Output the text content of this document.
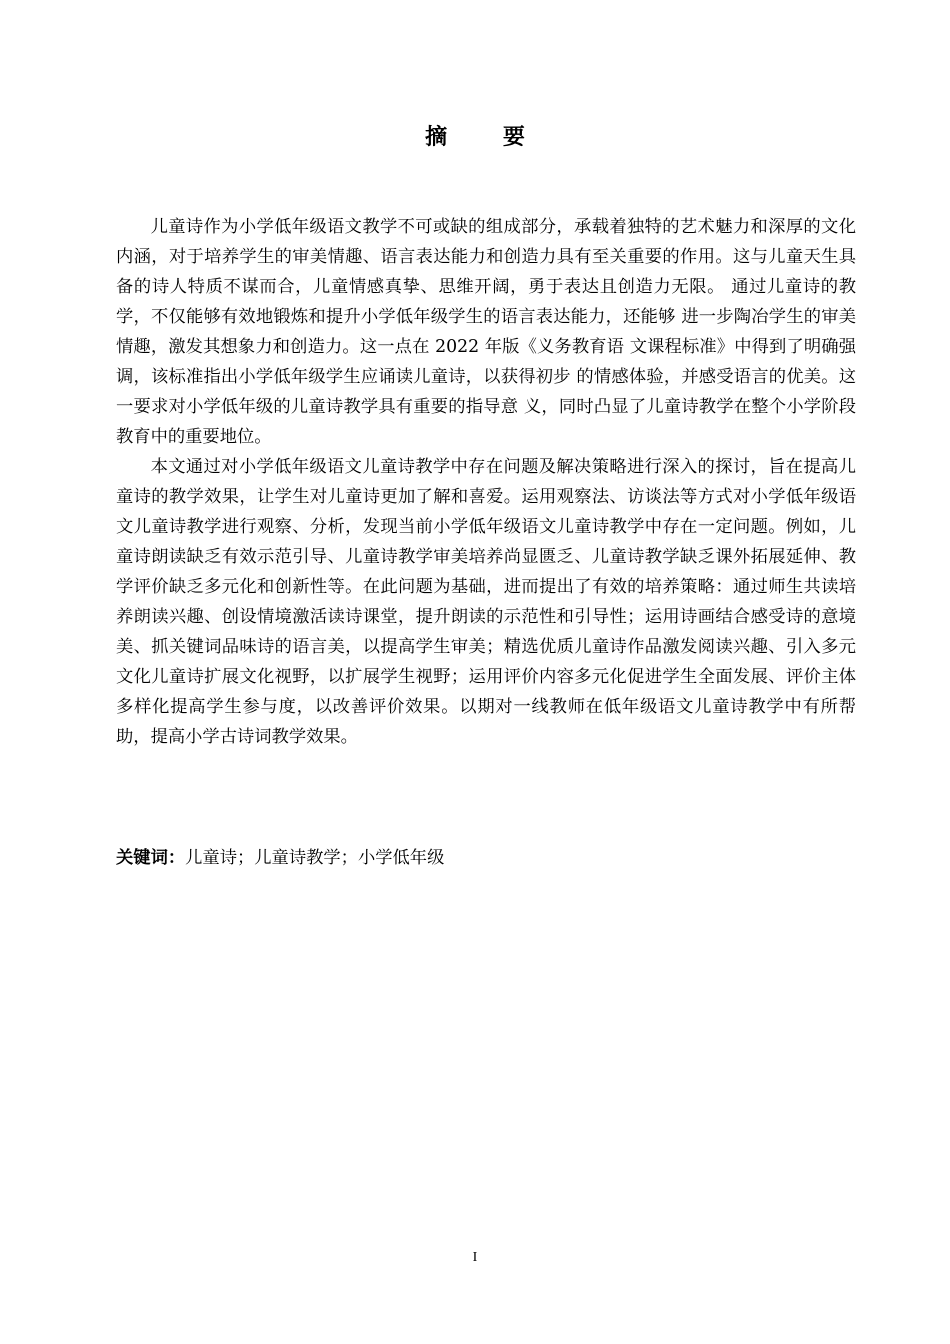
摘 要

儿童诗作为小学低年级语文教学不可或缺的组成部分，承载着独特的艺术魅力和深厚的文化内涵，对于培养学生的审美情趣、语言表达能力和创造力具有至关重要的作用。这与儿童天生具备的诗人特质不谋而合，儿童情感真挚、思维开阔，勇于表达且创造力无限。 通过儿童诗的教学，不仅能够有效地锻炼和提升小学低年级学生的语言表达能力，还能够 进一步陶冶学生的审美情趣，激发其想象力和创造力。这一点在 2022 年版《义务教育语 文课程标准》中得到了明确强调，该标准指出小学低年级学生应诵读儿童诗，以获得初步 的情感体验，并感受语言的优美。这一要求对小学低年级的儿童诗教学具有重要的指导意 义，同时凸显了儿童诗教学在整个小学阶段教育中的重要地位。

本文通过对小学低年级语文儿童诗教学中存在问题及解决策略进行深入的探讨，旨在提高儿童诗的教学效果，让学生对儿童诗更加了解和喜爱。运用观察法、访谈法等方式对小学低年级语文儿童诗教学进行观察、分析，发现当前小学低年级语文儿童诗教学中存在一定问题。例如，儿童诗朗读缺乏有效示范引导、儿童诗教学审美培养尚显匮乏、儿童诗教学缺乏课外拓展延伸、教学评价缺乏多元化和创新性等。在此问题为基础，进而提出了有效的培养策略：通过师生共读培养朗读兴趣、创设情境激活读诗课堂，提升朗读的示范性和引导性；运用诗画结合感受诗的意境美、抓关键词品味诗的语言美，以提高学生审美；精选优质儿童诗作品激发阅读兴趣、引入多元文化儿童诗扩展文化视野，以扩展学生视野；运用评价内容多元化促进学生全面发展、评价主体多样化提高学生参与度，以改善评价效果。以期对一线教师在低年级语文儿童诗教学中有所帮助，提高小学古诗词教学效果。

关键词：儿童诗；儿童诗教学；小学低年级
I
